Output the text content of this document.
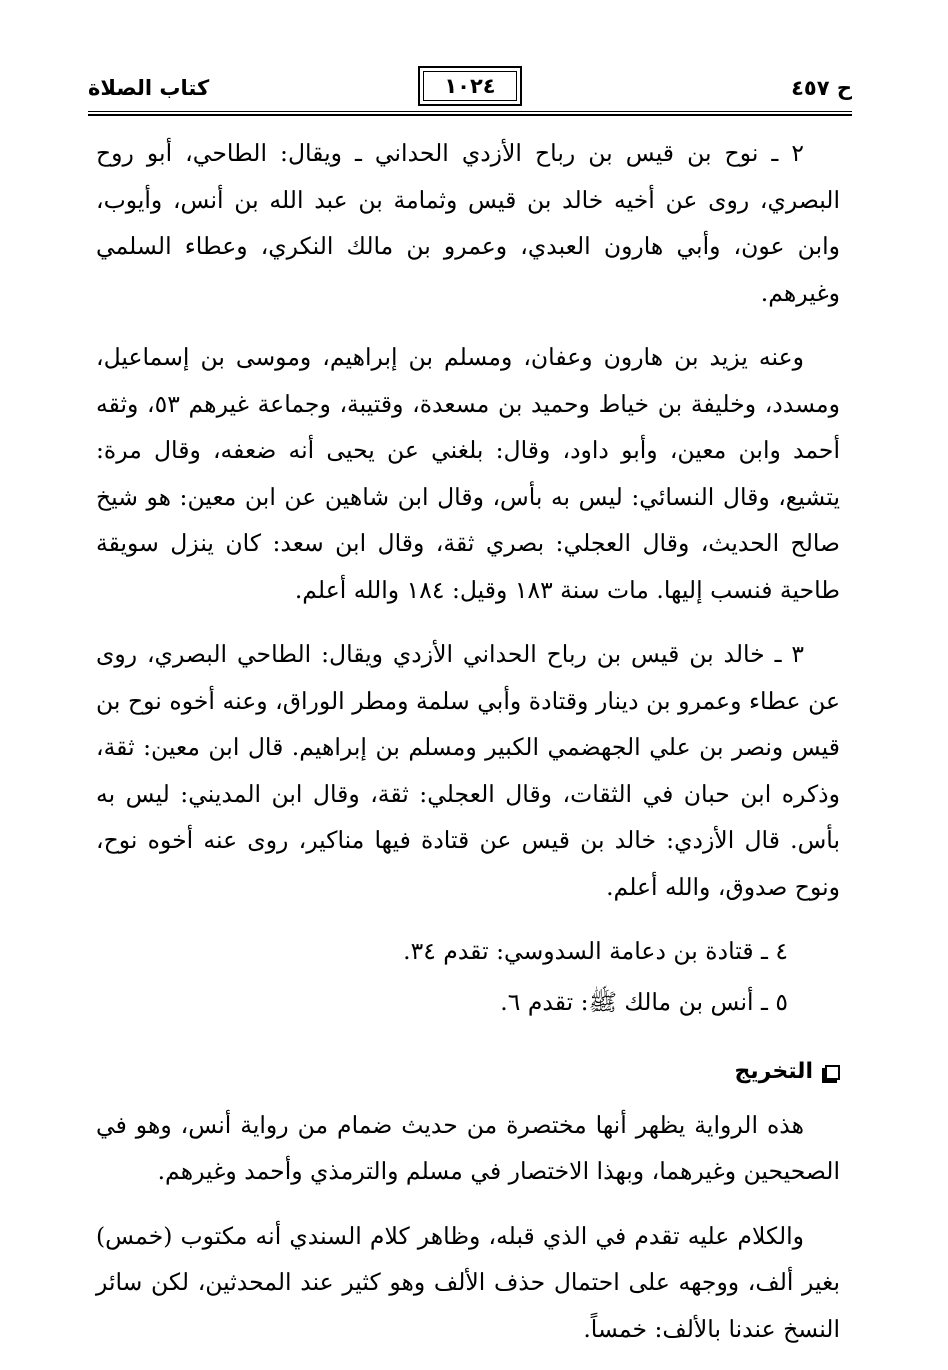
ح ٤٥٧
١٠٢٤
كتاب الصلاة

٢ ـ نوح بن قيس بن رباح الأزدي الحداني ـ ويقال: الطاحي، أبو روح البصري، روى عن أخيه خالد بن قيس وثمامة بن عبد الله بن أنس، وأيوب، وابن عون، وأبي هارون العبدي، وعمرو بن مالك النكري، وعطاء السلمي وغيرهم.

وعنه يزيد بن هارون وعفان، ومسلم بن إبراهيم، وموسى بن إسماعيل، ومسدد، وخليفة بن خياط وحميد بن مسعدة، وقتيبة، وجماعة غيرهم ٥٣، وثقه أحمد وابن معين، وأبو داود، وقال: بلغني عن يحيى أنه ضعفه، وقال مرة: يتشيع، وقال النسائي: ليس به بأس، وقال ابن شاهين عن ابن معين: هو شيخ صالح الحديث، وقال العجلي: بصري ثقة، وقال ابن سعد: كان ينزل سويقة طاحية فنسب إليها. مات سنة ١٨٣ وقيل: ١٨٤ والله أعلم.

٣ ـ خالد بن قيس بن رباح الحداني الأزدي ويقال: الطاحي البصري، روى عن عطاء وعمرو بن دينار وقتادة وأبي سلمة ومطر الوراق، وعنه أخوه نوح بن قيس ونصر بن علي الجهضمي الكبير ومسلم بن إبراهيم. قال ابن معين: ثقة، وذكره ابن حبان في الثقات، وقال العجلي: ثقة، وقال ابن المديني: ليس به بأس. قال الأزدي: خالد بن قيس عن قتادة فيها مناكير، روى عنه أخوه نوح، ونوح صدوق، والله أعلم.

٤ ـ قتادة بن دعامة السدوسي: تقدم ٣٤.

٥ ـ أنس بن مالك ﷺ: تقدم ٦.

التخريج

هذه الرواية يظهر أنها مختصرة من حديث ضمام من رواية أنس، وهو في الصحيحين وغيرهما، وبهذا الاختصار في مسلم والترمذي وأحمد وغيرهم.

والكلام عليه تقدم في الذي قبله، وظاهر كلام السندي أنه مكتوب (خمس) بغير ألف، ووجهه على احتمال حذف الألف وهو كثير عند المحدثين، لكن سائر النسخ عندنا بالألف: خمساً.
